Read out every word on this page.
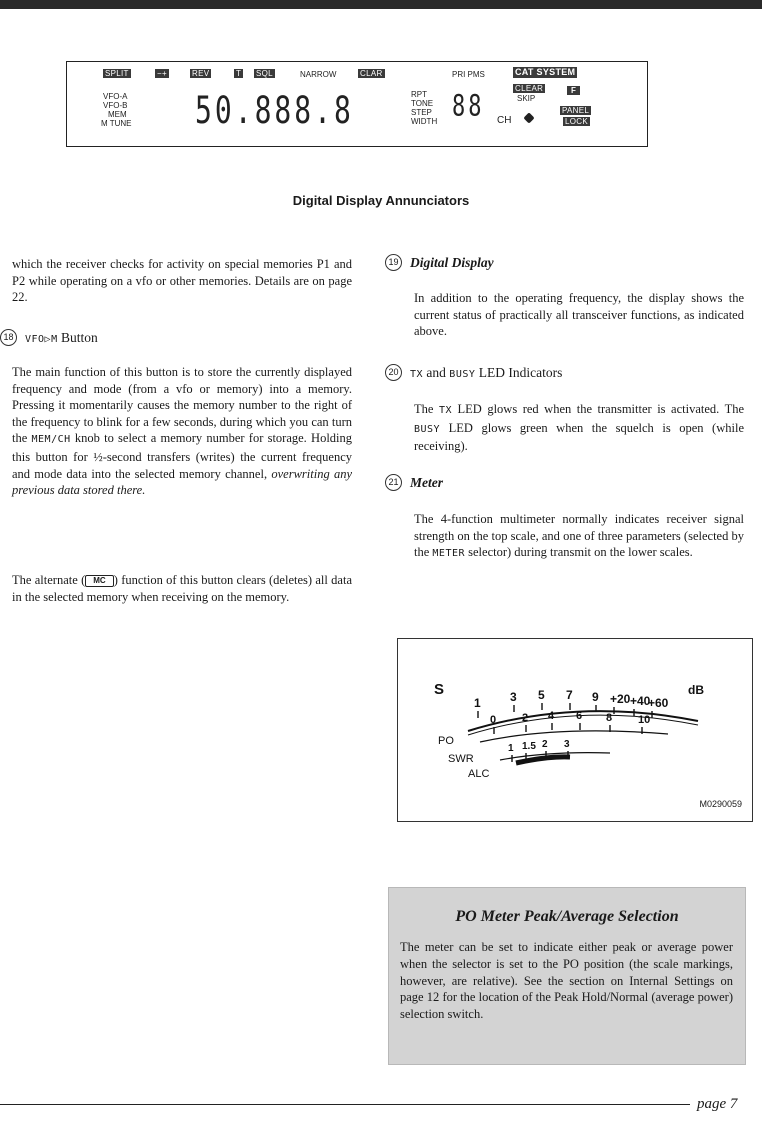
SPLIT	−+	REV	T SQL	NARROW	CLAR	PRI PMS	CAT SYSTEM
VFO-A
VFO-B
MEM
M TUNE 50.888.8	RPT
TONE
STEP
WIDTH 88 CH
CLEAR
SKIP
F
PANEL
LOCK
Digital Display Annunciators

which the receiver checks for activity on special memories P1 and P2 while operating on a vfo or other memories. Details are on page 22.

18	VFO▷M Button

The main function of this button is to store the currently displayed frequency and mode (from a vfo or memory) into a memory. Pressing it momentarily causes the memory number to the right of the frequency to blink for a few seconds, during which you can turn the MEM/CH knob to select a memory number for storage. Holding this button for ½-second transfers (writes) the current frequency and mode data into the selected memory channel, overwriting any previous data stored there.

The alternate ( MC ) function of this button clears (deletes) all data in the selected memory when receiving on the memory.

19 Digital Display

In addition to the operating frequency, the display shows the current status of practically all transceiver functions, as indicated above.

20	TX and BUSY LED Indicators

The TX LED glows red when the transmitter is activated. The BUSY LED glows green when the squelch is open (while receiving).

21 Meter

The 4-function multimeter normally indicates receiver signal strength on the top scale, and one of three parameters (selected by the METER selector) during transmit on the lower scales.

S	dB
PO
SWR
ALC
1 3 5 7 9 +20 +40
+60
0 2 4 6 8 10
1 1.5 2 3
M0290059
PO Meter Peak/Average Selection
The meter can be set to indicate either peak or average power when the selector is set to the PO position (the scale markings, however, are relative). See the section on Internal Settings on page 12 for the location of the Peak Hold/Normal (average power) selection switch.
page 7
